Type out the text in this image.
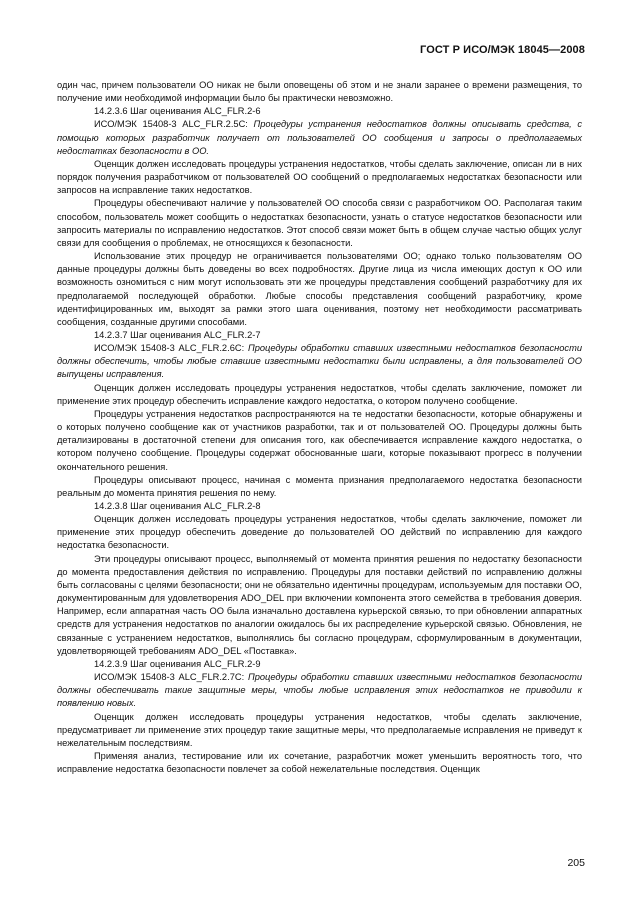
ГОСТ Р ИСО/МЭК 18045—2008

один час, причем пользователи ОО никак не были оповещены об этом и не знали заранее о времени размещения, то получение ими необходимой информации было бы практически невозможно.

14.2.3.6 Шаг оценивания ALC_FLR.2-6

ИСО/МЭК 15408-3 ALC_FLR.2.5C: Процедуры устранения недостатков должны описывать средства, с помощью которых разработчик получает от пользователей ОО сообщения и запросы о предполагаемых недостатках безопасности в ОО.

Оценщик должен исследовать процедуры устранения недостатков, чтобы сделать заключение, описан ли в них порядок получения разработчиком от пользователей ОО сообщений о предполагаемых недостатках безопасности или запросов на исправление таких недостатков.

Процедуры обеспечивают наличие у пользователей ОО способа связи с разработчиком ОО. Располагая таким способом, пользователь может сообщить о недостатках безопасности, узнать о статусе недостатков безопасности или запросить материалы по исправлению недостатков. Этот способ связи может быть в общем случае частью общих услуг связи для сообщения о проблемах, не относящихся к безопасности.

Использование этих процедур не ограничивается пользователями ОО; однако только пользователям ОО данные процедуры должны быть доведены во всех подробностях. Другие лица из числа имеющих доступ к ОО или возможность озномиться с ним могут использовать эти же процедуры представления сообщений разработчику для их предполагаемой последующей обработки. Любые способы представления сообщений разработчику, кроме идентифицированных им, выходят за рамки этого шага оценивания, поэтому нет необходимости рассматривать сообщения, созданные другими способами.

14.2.3.7 Шаг оценивания ALC_FLR.2-7

ИСО/МЭК 15408-3 ALC_FLR.2.6C: Процедуры обработки ставших известными недостатков безопасности должны обеспечить, чтобы любые ставшие известными недостатки были исправлены, а для пользователей ОО выпущены исправления.

Оценщик должен исследовать процедуры устранения недостатков, чтобы сделать заключение, поможет ли применение этих процедур обеспечить исправление каждого недостатка, о котором получено сообщение.

Процедуры устранения недостатков распространяются на те недостатки безопасности, которые обнаружены и о которых получено сообщение как от участников разработки, так и от пользователей ОО. Процедуры должны быть детализированы в достаточной степени для описания того, как обеспечивается исправление каждого недостатка, о котором получено сообщение. Процедуры содержат обоснованные шаги, которые показывают прогресс в получении окончательного решения.

Процедуры описывают процесс, начиная с момента признания предполагаемого недостатка безопасности реальным до момента принятия решения по нему.

14.2.3.8 Шаг оценивания ALC_FLR.2-8

Оценщик должен исследовать процедуры устранения недостатков, чтобы сделать заключение, поможет ли применение этих процедур обеспечить доведение до пользователей ОО действий по исправлению для каждого недостатка безопасности.

Эти процедуры описывают процесс, выполняемый от момента принятия решения по недостатку безопасности до момента предоставления действия по исправлению. Процедуры для поставки действий по исправлению должны быть согласованы с целями безопасности; они не обязательно идентичны процедурам, используемым для поставки ОО, документированным для удовлетворения ADO_DEL при включении компонента этого семейства в требования доверия. Например, если аппаратная часть ОО была изначально доставлена курьерской связью, то при обновлении аппаратных средств для устранения недостатков по аналогии ожидалось бы их распределение курьерской связью. Обновления, не связанные с устранением недостатков, выполнялись бы согласно процедурам, сформулированным в документации, удовлетворяющей требованиям ADO_DEL «Поставка».

14.2.3.9 Шаг оценивания ALC_FLR.2-9

ИСО/МЭК 15408-3 ALC_FLR.2.7C: Процедуры обработки ставших известными недостатков безопасности должны обеспечивать такие защитные меры, чтобы любые исправления этих недостатков не приводили к появлению новых.

Оценщик должен исследовать процедуры устранения недостатков, чтобы сделать заключение, предусматривает ли применение этих процедур такие защитные меры, что предполагаемые исправления не приведут к нежелательным последствиям.

Применяя анализ, тестирование или их сочетание, разработчик может уменьшить вероятность того, что исправление недостатка безопасности повлечет за собой нежелательные последствия. Оценщик

205
